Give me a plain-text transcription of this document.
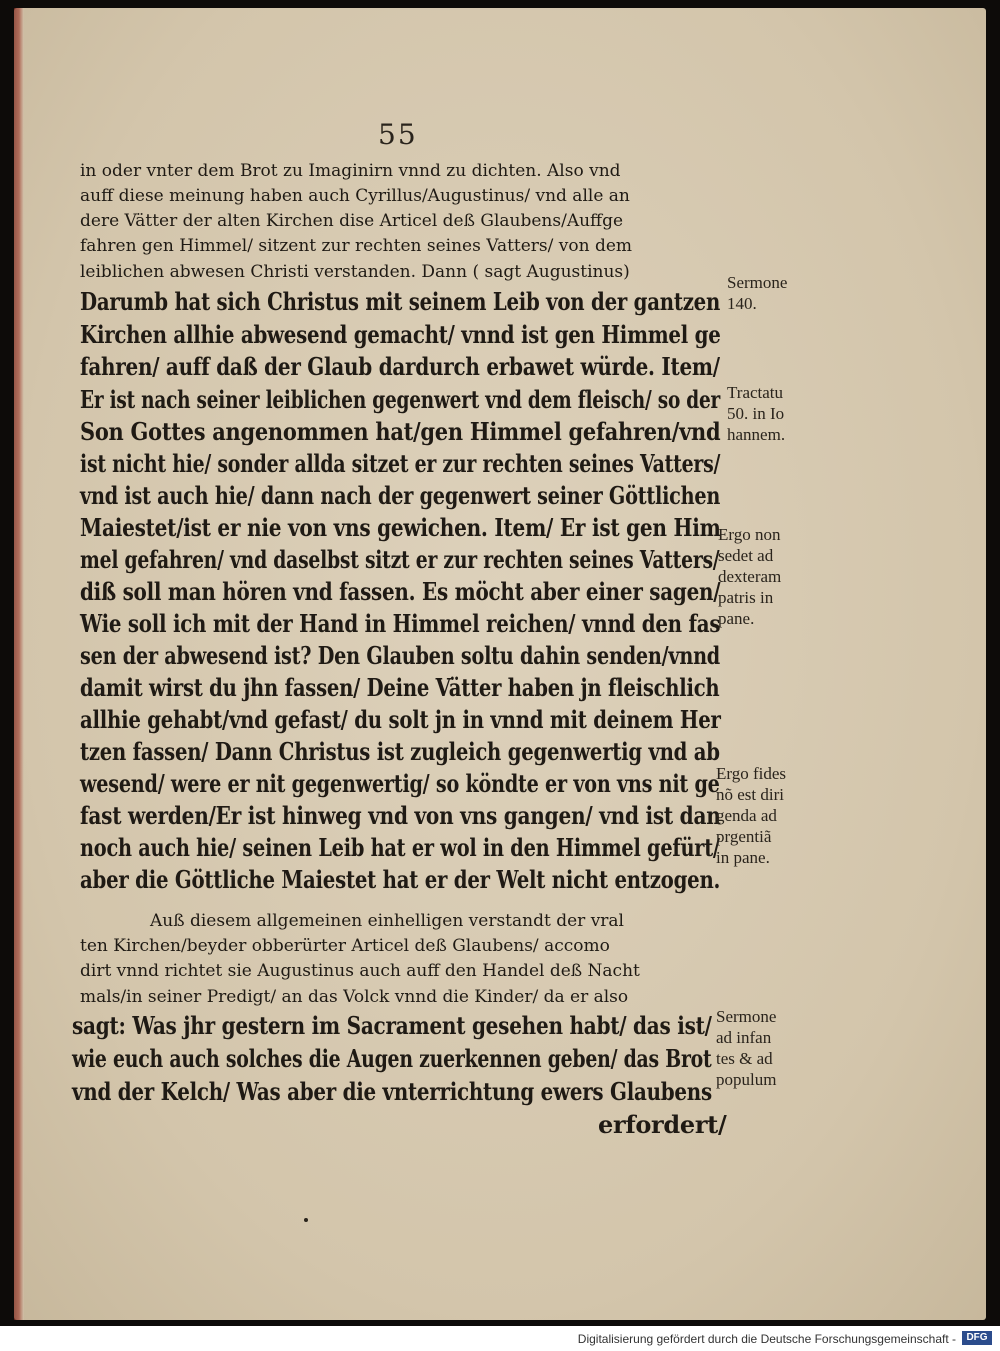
55
in oder vnter dem Brot zu Imaginirn vnnd zu dichten. Also vnd
auff diese meinung haben auch Cyrillus/Augustinus/ vnd alle an
dere Vätter der alten Kirchen dise Articel deß Glaubens/Auffge
fahren gen Himmel/ sitzent zur rechten seines Vatters/ von dem
leiblichen abwesen Christi verstanden. Dann ( sagt Augustinus)
Darumb hat sich Christus mit seinem Leib von der gantzen
Kirchen allhie abwesend gemacht/ vnnd ist gen Himmel ge
fahren/ auff daß der Glaub dardurch erbawet würde. Item/
Er ist nach seiner leiblichen gegenwert vnd dem fleisch/ so der
Son Gottes angenommen hat/gen Himmel gefahren/vnd
ist nicht hie/ sonder allda sitzet er zur rechten seines Vatters/
vnd ist auch hie/ dann nach der gegenwert seiner Göttlichen
Maiestet/ist er nie von vns gewichen. Item/ Er ist gen Him
mel gefahren/ vnd daselbst sitzt er zur rechten seines Vatters/
diß soll man hören vnd fassen. Es möcht aber einer sagen/
Wie soll ich mit der Hand in Himmel reichen/ vnnd den fas
sen der abwesend ist? Den Glauben soltu dahin senden/vnnd
damit wirst du jhn fassen/ Deine Vätter haben jn fleischlich
allhie gehabt/vnd gefast/ du solt jn in vnnd mit deinem Her
tzen fassen/ Dann Christus ist zugleich gegenwertig vnd ab
wesend/ were er nit gegenwertig/ so köndte er von vns nit ge
fast werden/Er ist hinweg vnd von vns gangen/ vnd ist dan
noch auch hie/ seinen Leib hat er wol in den Himmel gefürt/
aber die Göttliche Maiestet hat er der Welt nicht entzogen.
Auß diesem allgemeinen einhelligen verstandt der vral
ten Kirchen/beyder obberürter Articel deß Glaubens/ accomo
dirt vnnd richtet sie Augustinus auch auff den Handel deß Nacht
mals/in seiner Predigt/ an das Volck vnnd die Kinder/ da er also
sagt: Was jhr gestern im Sacrament gesehen habt/ das ist/
wie euch auch solches die Augen zuerkennen geben/ das Brot
vnd der Kelch/ Was aber die vnterrichtung ewers Glaubens
erfordert/
Sermone
140.
Tractatu
50. in Io
hannem.
Ergo non
sedet ad
dexteram
patris in
pane.
Ergo fides
nõ est diri
genda ad
prgentiã
in pane.
Sermone
ad infan
tes & ad
populum
Digitalisierung gefördert durch die Deutsche Forschungsgemeinschaft -	DFG
